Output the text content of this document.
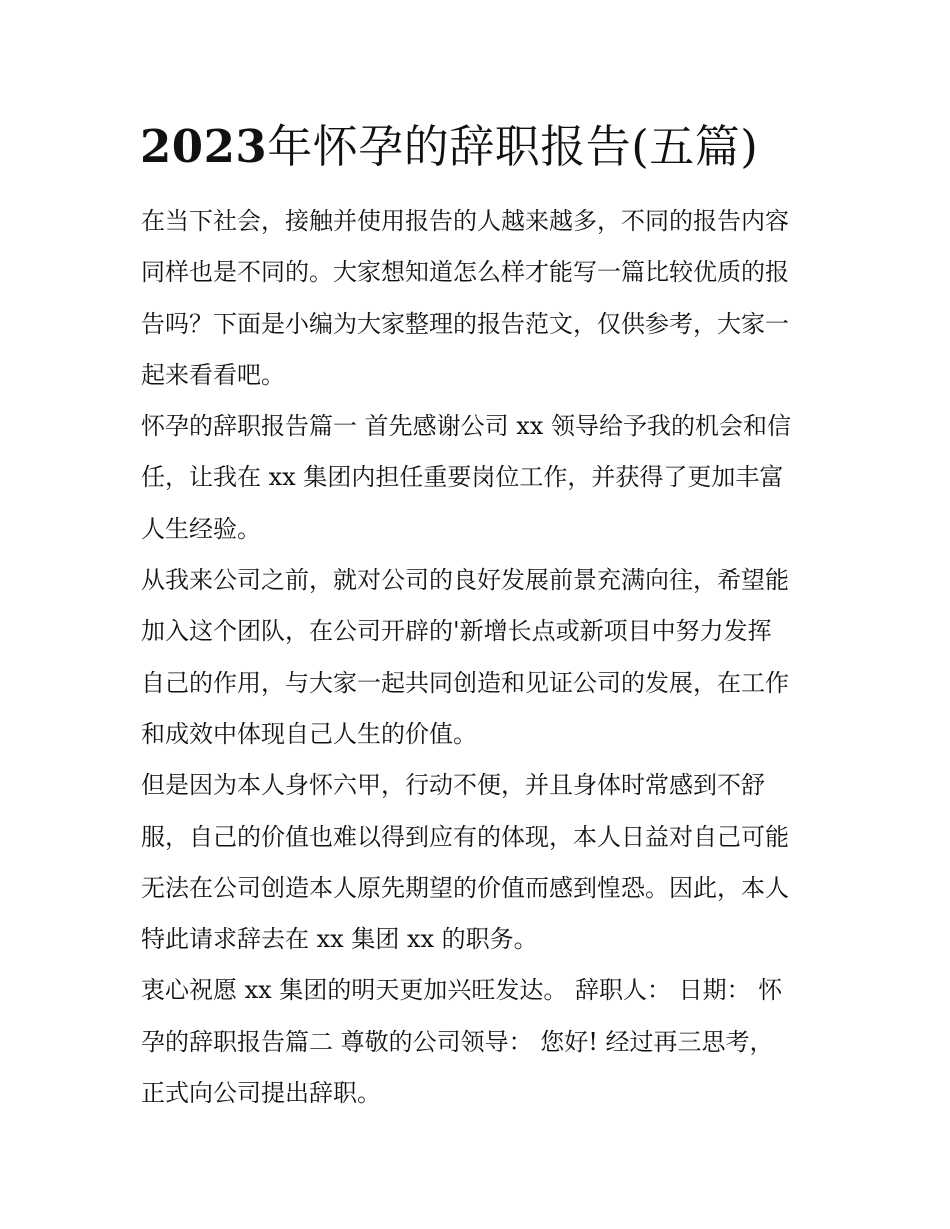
2023年怀孕的辞职报告(五篇)
在当下社会，接触并使用报告的人越来越多，不同的报告内容
同样也是不同的。大家想知道怎么样才能写一篇比较优质的报
告吗？下面是小编为大家整理的报告范文，仅供参考，大家一
起来看看吧。
怀孕的辞职报告篇一 首先感谢公司 xx 领导给予我的机会和信
任，让我在 xx 集团内担任重要岗位工作，并获得了更加丰富
人生经验。
从我来公司之前，就对公司的良好发展前景充满向往，希望能
加入这个团队，在公司开辟的'新增长点或新项目中努力发挥
自己的作用，与大家一起共同创造和见证公司的发展，在工作
和成效中体现自己人生的价值。
但是因为本人身怀六甲，行动不便，并且身体时常感到不舒
服，自己的价值也难以得到应有的体现，本人日益对自己可能
无法在公司创造本人原先期望的价值而感到惶恐。因此，本人
特此请求辞去在 xx 集团 xx 的职务。
衷心祝愿 xx 集团的明天更加兴旺发达。 辞职人： 日期： 怀
孕的辞职报告篇二 尊敬的公司领导： 您好! 经过再三思考，
正式向公司提出辞职。
